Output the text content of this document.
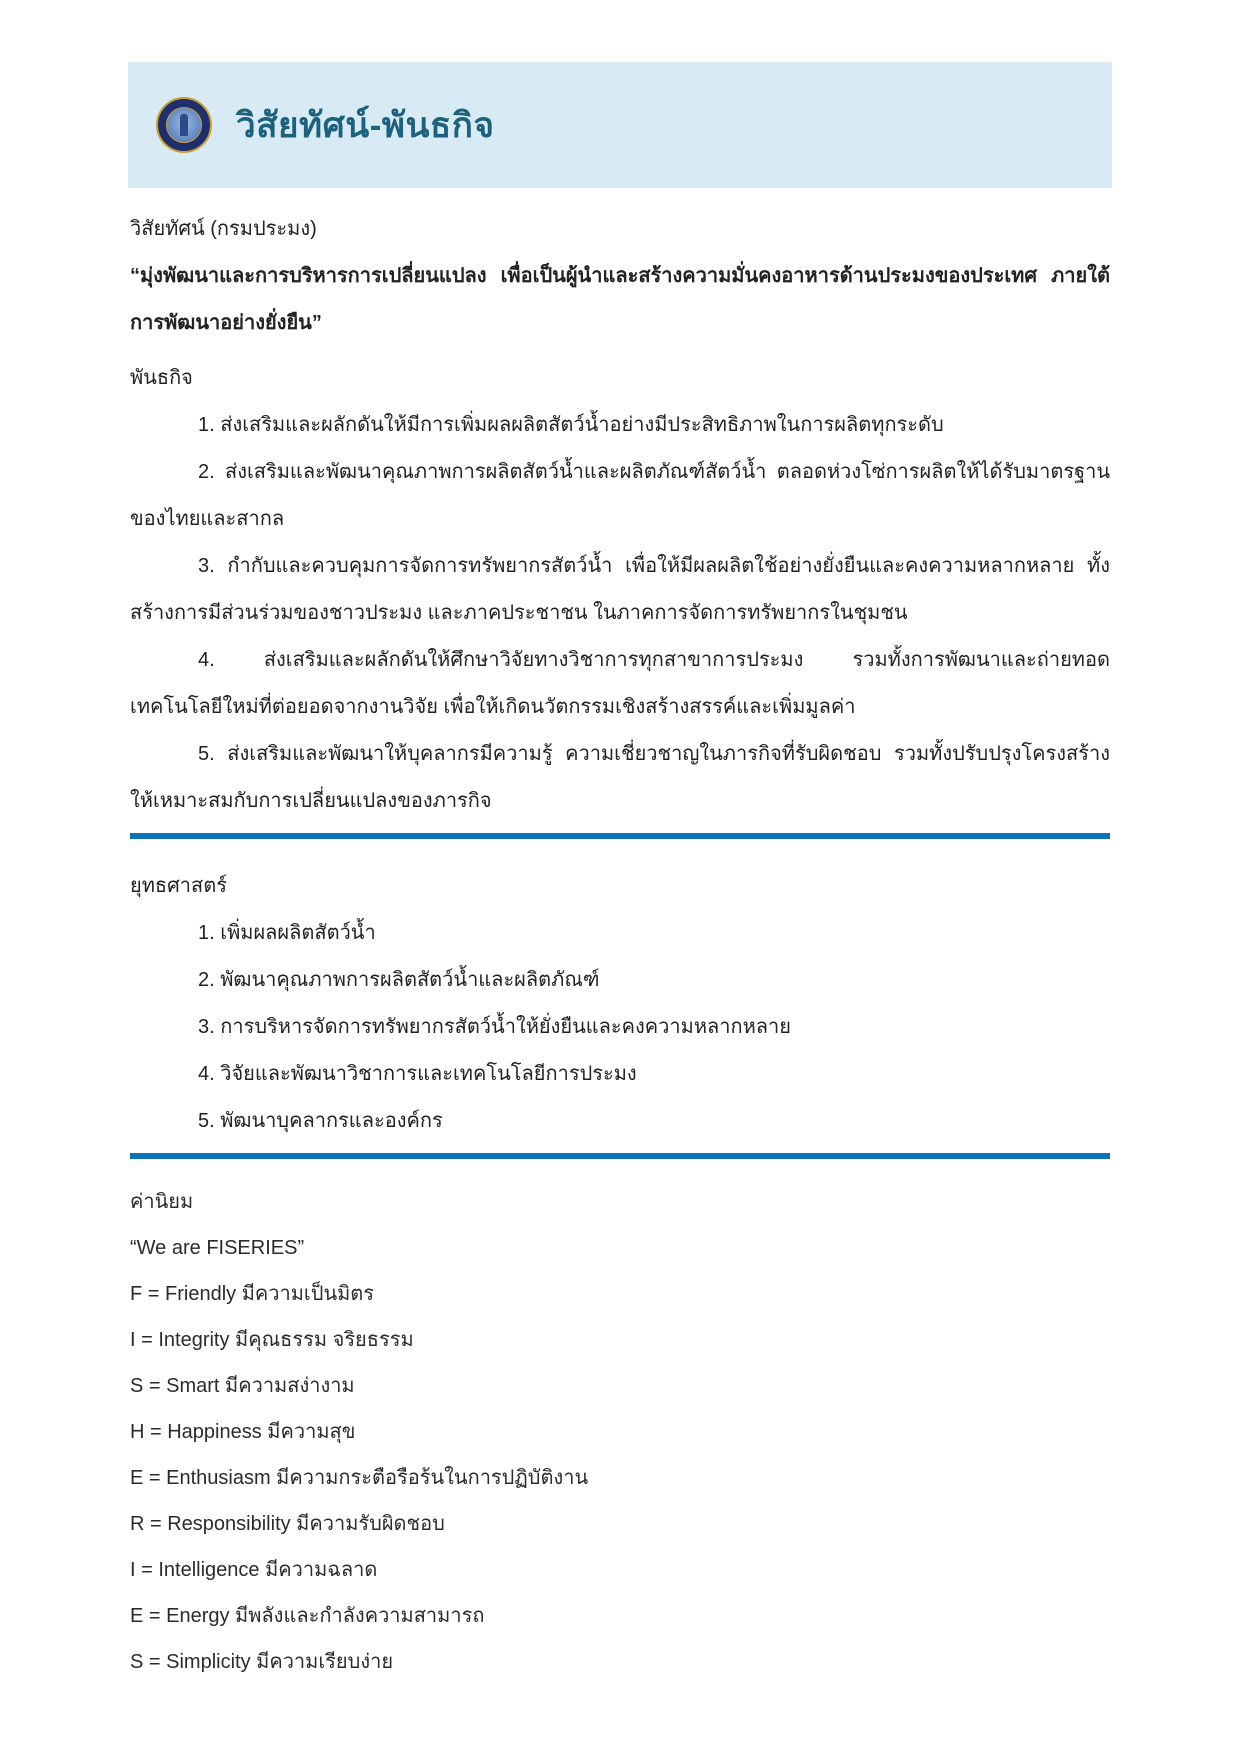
วิสัยทัศน์-พันธกิจ

วิสัยทัศน์ (กรมประมง)

“มุ่งพัฒนาและการบริหารการเปลี่ยนแปลง เพื่อเป็นผู้นำและสร้างความมั่นคงอาหารด้านประมงของประเทศ ภายใต้การพัฒนาอย่างยั่งยืน”

พันธกิจ

1. ส่งเสริมและผลักดันให้มีการเพิ่มผลผลิตสัตว์น้ำอย่างมีประสิทธิภาพในการผลิตทุกระดับ

2. ส่งเสริมและพัฒนาคุณภาพการผลิตสัตว์น้ำและผลิตภัณฑ์สัตว์น้ำ ตลอดห่วงโซ่การผลิตให้ได้รับมาตรฐานของไทยและสากล

3. กำกับและควบคุมการจัดการทรัพยากรสัตว์น้ำ เพื่อให้มีผลผลิตใช้อย่างยั่งยืนและคงความหลากหลาย ทั้งสร้างการมีส่วนร่วมของชาวประมง และภาคประชาชน ในภาคการจัดการทรัพยากรในชุมชน

4. ส่งเสริมและผลักดันให้ศึกษาวิจัยทางวิชาการทุกสาขาการประมง รวมทั้งการพัฒนาและถ่ายทอดเทคโนโลยีใหม่ที่ต่อยอดจากงานวิจัย เพื่อให้เกิดนวัตกรรมเชิงสร้างสรรค์และเพิ่มมูลค่า

5. ส่งเสริมและพัฒนาให้บุคลากรมีความรู้ ความเชี่ยวชาญในภารกิจที่รับผิดชอบ รวมทั้งปรับปรุงโครงสร้างให้เหมาะสมกับการเปลี่ยนแปลงของภารกิจ

ยุทธศาสตร์

1. เพิ่มผลผลิตสัตว์น้ำ

2. พัฒนาคุณภาพการผลิตสัตว์น้ำและผลิตภัณฑ์

3. การบริหารจัดการทรัพยากรสัตว์น้ำให้ยั่งยืนและคงความหลากหลาย

4. วิจัยและพัฒนาวิชาการและเทคโนโลยีการประมง

5. พัฒนาบุคลากรและองค์กร

ค่านิยม

“We are FISERIES”

F = Friendly มีความเป็นมิตร

I = Integrity มีคุณธรรม จริยธรรม

S = Smart มีความสง่างาม

H = Happiness มีความสุข

E = Enthusiasm มีความกระตือรือร้นในการปฏิบัติงาน

R = Responsibility มีความรับผิดชอบ

I = Intelligence มีความฉลาด

E = Energy มีพลังและกำลังความสามารถ

S = Simplicity มีความเรียบง่าย
